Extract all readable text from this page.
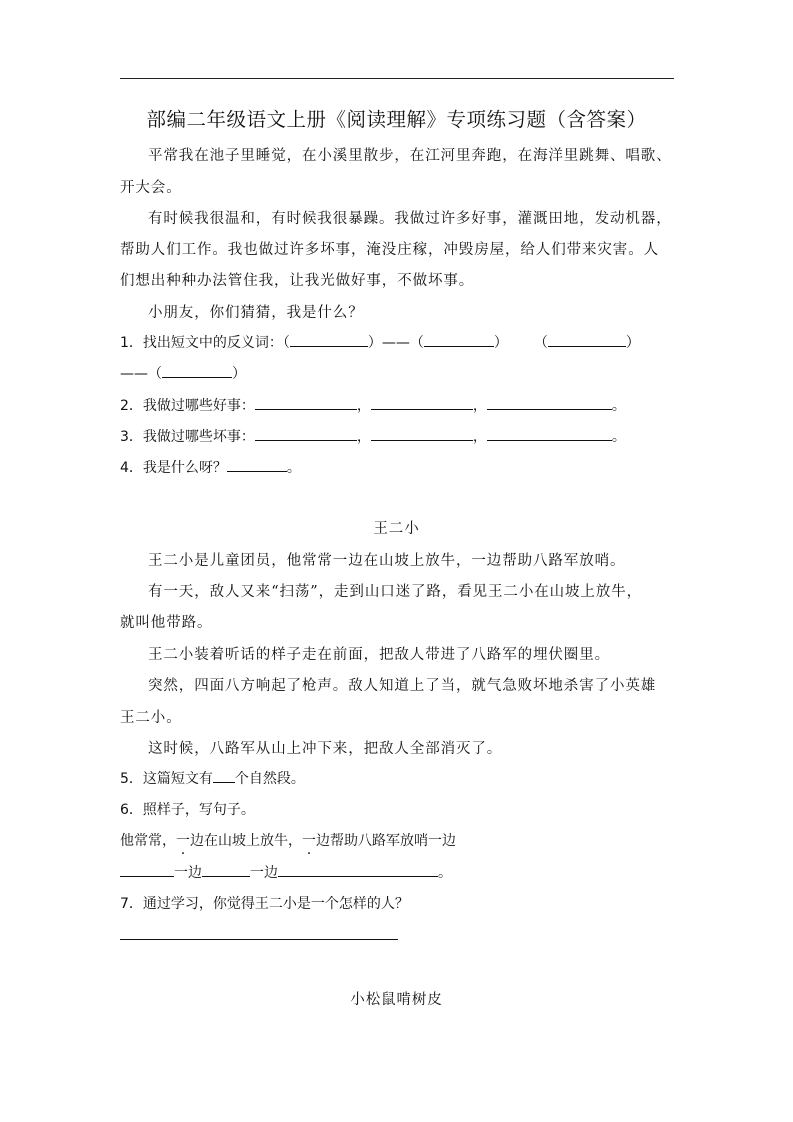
部编二年级语文上册《阅读理解》专项练习题（含答案）
平常我在池子里睡觉，在小溪里散步，在江河里奔跑，在海洋里跳舞、唱歌、
开大会。
有时候我很温和，有时候我很暴躁。我做过许多好事，灌溉田地，发动机器，
帮助人们工作。我也做过许多坏事，淹没庄稼，冲毁房屋，给人们带来灾害。人
们想出种种办法管住我，让我光做好事，不做坏事。
小朋友，你们猜猜，我是什么？
1．找出短文中的反义词：（	）——（	） （	）
——（	）
2．我做过哪些好事：	，	，	。
3．我做过哪些坏事：	，	，	。
4．我是什么呀？	。
王二小
王二小是儿童团员，他常常一边在山坡上放牛，一边帮助八路军放哨。
有一天，敌人又来“扫荡”，走到山口迷了路，看见王二小在山坡上放牛，
就叫他带路。
王二小装着听话的样子走在前面，把敌人带进了八路军的埋伏圈里。
突然，四面八方响起了枪声。敌人知道上了当，就气急败坏地杀害了小英雄
王二小。
这时候，八路军从山上冲下来，把敌人全部消灭了。
5．这篇短文有 个自然段。
6．照样子，写句子。
他常常，一边在山坡上放牛，一边帮助八路军放哨一边
一边	一边	。
7．通过学习，你觉得王二小是一个怎样的人？
小松鼠啃树皮
